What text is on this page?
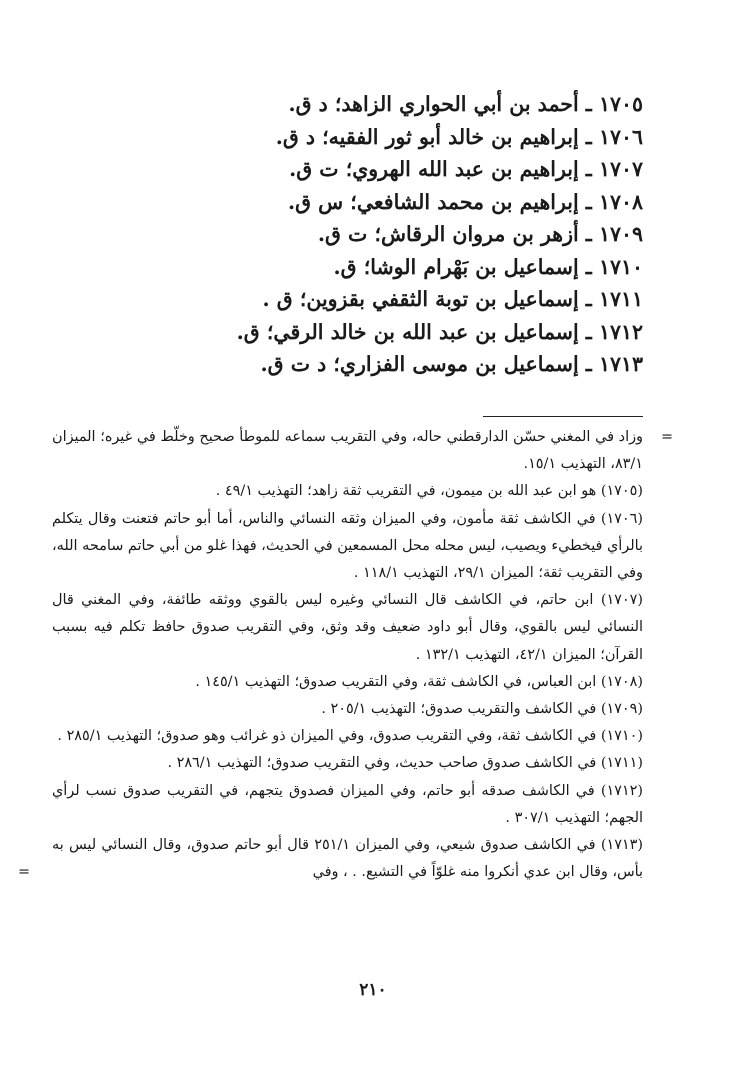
١٧٠٥ ـ أحمد بن أبي الحواري الزاهد؛ د ق.
١٧٠٦ ـ إبراهيم بن خالد أبو ثور الفقيه؛ د ق.
١٧٠٧ ـ إبراهيم بن عبد الله الهروي؛ ت ق.
١٧٠٨ ـ إبراهيم بن محمد الشافعي؛ س ق.
١٧٠٩ ـ أزهر بن مروان الرقاش؛ ت ق.
١٧١٠ ـ إسماعيل بن بَهْرام الوشا؛ ق.
١٧١١ ـ إسماعيل بن توبة الثقفي بقزوين؛ ق .
١٧١٢ ـ إسماعيل بن عبد الله بن خالد الرقي؛ ق.
١٧١٣ ـ إسماعيل بن موسى الفزاري؛ د ت ق.
=
وزاد في المغني حسّن الدارقطني حاله، وفي التقريب سماعه للموطأ صحيح وخلّط في غيره؛ الميزان ٨٣/١، التهذيب ١٥/١.
(١٧٠٥) هو ابن عبد الله بن ميمون، في التقريب ثقة زاهد؛ التهذيب ٤٩/١ .
(١٧٠٦) في الكاشف ثقة مأمون، وفي الميزان وثقه النسائي والناس، أما أبو حاتم فتعنت وقال يتكلم بالرأي فيخطيء ويصيب، ليس محله محل المسمعين في الحديث، فهذا غلو من أبي حاتم سامحه الله، وفي التقريب ثقة؛ الميزان ٢٩/١، التهذيب ١١٨/١ .
(١٧٠٧) ابن حاتم، في الكاشف قال النسائي وغيره ليس بالقوي ووثقه طائفة، وفي المغني قال النسائي ليس بالقوي، وقال أبو داود ضعيف وقد وثق، وفي التقريب صدوق حافظ تكلم فيه بسبب القرآن؛ الميزان ٤٢/١، التهذيب ١٣٢/١ .
(١٧٠٨) ابن العباس، في الكاشف ثقة، وفي التقريب صدوق؛ التهذيب ١٤٥/١ .
(١٧٠٩) في الكاشف والتقريب صدوق؛ التهذيب ٢٠٥/١ .
(١٧١٠) في الكاشف ثقة، وفي التقريب صدوق، وفي الميزان ذو غرائب وهو صدوق؛ التهذيب ٢٨٥/١ .
(١٧١١) في الكاشف صدوق صاحب حديث، وفي التقريب صدوق؛ التهذيب ٢٨٦/١ .
(١٧١٢) في الكاشف صدقه أبو حاتم، وفي الميزان فصدوق يتجهم، في التقريب صدوق نسب لرأي الجهم؛ التهذيب ٣٠٧/١ .
(١٧١٣) في الكاشف صدوق شيعي، وفي الميزان ٢٥١/١ قال أبو حاتم صدوق، وقال النسائي ليس به بأس، وقال ابن عدي أنكروا منه غلوّاً في التشيع. . ، وفي
=
٢١٠
